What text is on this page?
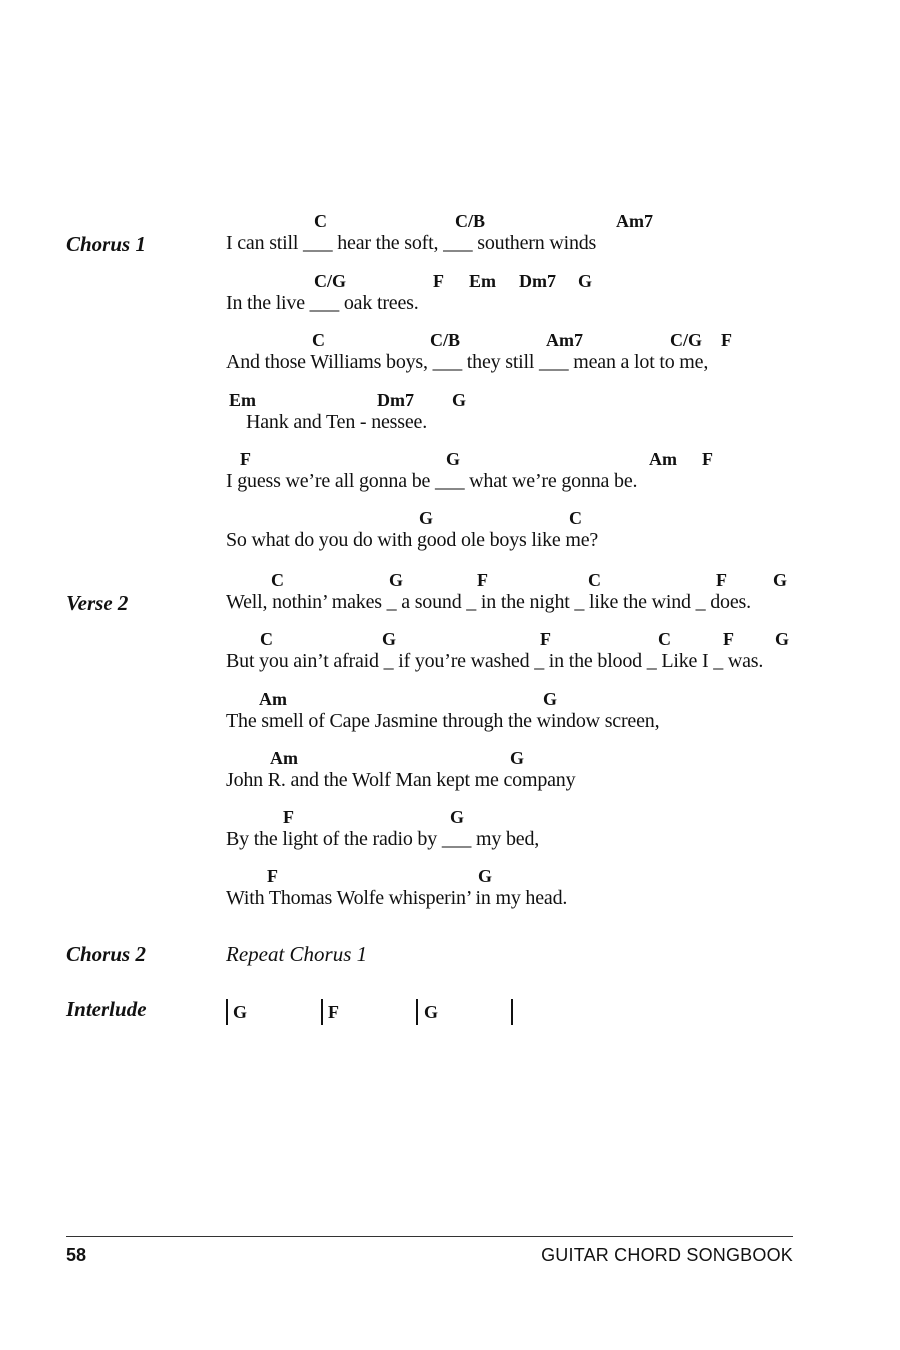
Chorus 1
Verse 2
Chorus 2
Interlude
C	C/B	Am7
I can still ___ hear the soft, ___ southern winds
C/G	F Em Dm7 G
In the live ___ oak trees.
C	C/B	Am7	C/G F
And those Williams boys, ___ they still ___ mean a lot to me,
Em	Dm7 G
Hank and Ten - nessee.
F	G	Am F
I guess we’re all gonna be ___ what we’re gonna be.
G	C
So what do you do with good ole boys like me?
C	G	F	C	F	G
Well, nothin’ makes _ a sound _ in the night _ like the wind _ does.
C	G	F	C	F G
But you ain’t afraid _ if you’re washed _ in the blood _ Like I _ was.
Am	G
The smell of Cape Jasmine through the window screen,
Am	G
John R. and the Wolf Man kept me company
F	G
By the light of the radio by ___ my bed,
F	G
With Thomas Wolfe whisperin’ in my head.
Repeat Chorus 1
G	F	G
58	GUITAR CHORD SONGBOOK
